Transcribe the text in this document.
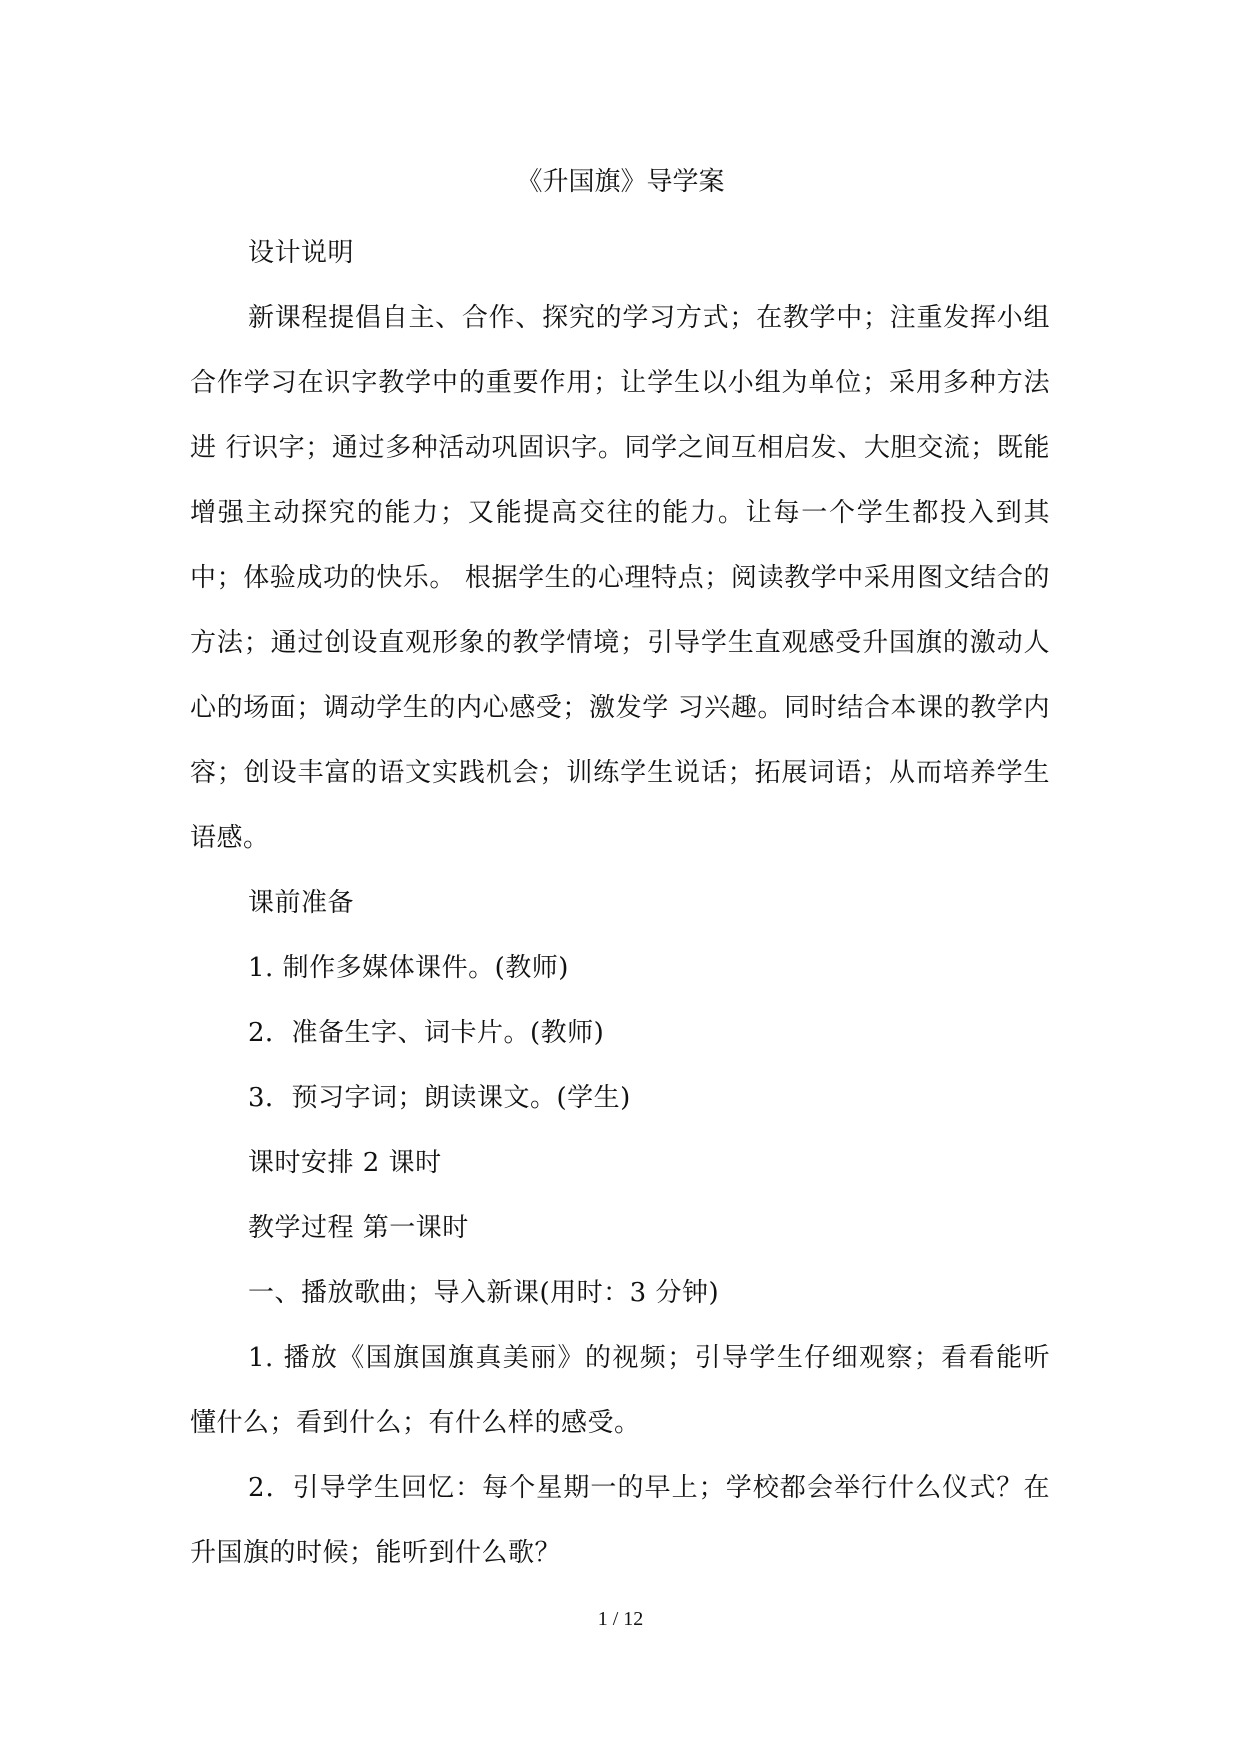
《升国旗》导学案

设计说明

新课程提倡自主、合作、探究的学习方式；在教学中；注重发挥小组合作学习在识字教学中的重要作用；让学生以小组为单位；采用多种方法进 行识字；通过多种活动巩固识字。同学之间互相启发、大胆交流；既能增强主动探究的能力；又能提高交往的能力。让每一个学生都投入到其中；体验成功的快乐。 根据学生的心理特点；阅读教学中采用图文结合的方法；通过创设直观形象的教学情境；引导学生直观感受升国旗的激动人心的场面；调动学生的内心感受；激发学 习兴趣。同时结合本课的教学内容；创设丰富的语文实践机会；训练学生说话；拓展词语；从而培养学生语感。

课前准备

1. 制作多媒体课件。(教师)

2．准备生字、词卡片。(教师)

3．预习字词；朗读课文。(学生)

课时安排 2 课时

教学过程 第一课时

一、播放歌曲；导入新课(用时：3 分钟)

1. 播放《国旗国旗真美丽》的视频；引导学生仔细观察；看看能听懂什么；看到什么；有什么样的感受。

2．引导学生回忆：每个星期一的早上；学校都会举行什么仪式？在升国旗的时候；能听到什么歌？

1 / 12
